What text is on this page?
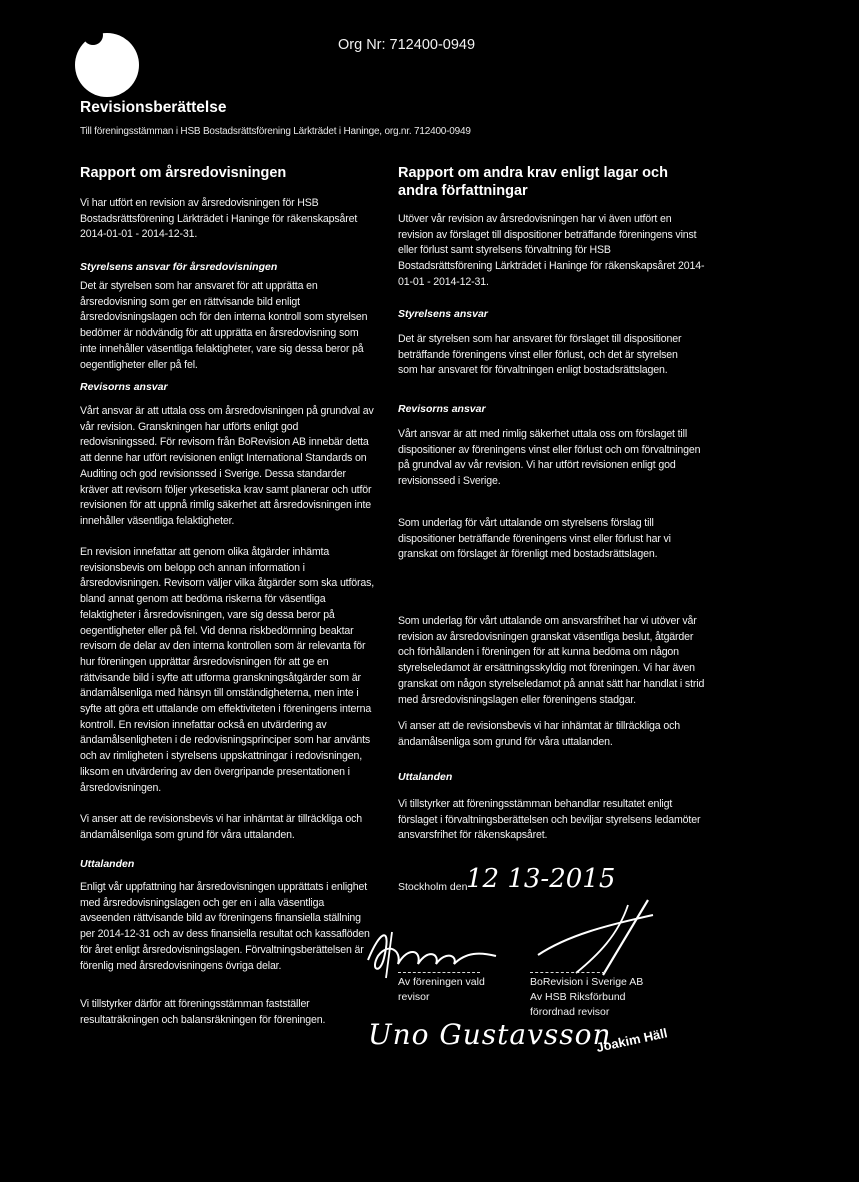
Org Nr: 712400-0949
Revisionsberättelse
Till föreningsstämman i HSB Bostadsrättsförening Lärkträdet i Haninge, org.nr. 712400-0949
Rapport om årsredovisningen
Vi har utfört en revision av årsredovisningen för HSB Bostadsrättsförening Lärkträdet i Haninge för räkenskapsåret 2014-01-01 - 2014-12-31.
Styrelsens ansvar för årsredovisningen
Det är styrelsen som har ansvaret för att upprätta en årsredovisning som ger en rättvisande bild enligt årsredovisningslagen och för den interna kontroll som styrelsen bedömer är nödvändig för att upprätta en årsredovisning som inte innehåller väsentliga felaktigheter, vare sig dessa beror på oegentligheter eller på fel.
Revisorns ansvar
Vårt ansvar är att uttala oss om årsredovisningen på grundval av vår revision. Granskningen har utförts enligt god redovisningssed. För revisorn från BoRevision AB innebär detta att denne har utfört revisionen enligt International Standards on Auditing och god revisionssed i Sverige. Dessa standarder kräver att revisorn följer yrkesetiska krav samt planerar och utför revisionen för att uppnå rimlig säkerhet att årsredovisningen inte innehåller väsentliga felaktigheter.
En revision innefattar att genom olika åtgärder inhämta revisionsbevis om belopp och annan information i årsredovisningen. Revisorn väljer vilka åtgärder som ska utföras, bland annat genom att bedöma riskerna för väsentliga felaktigheter i årsredovisningen, vare sig dessa beror på oegentligheter eller på fel. Vid denna riskbedömning beaktar revisorn de delar av den interna kontrollen som är relevanta för hur föreningen upprättar årsredovisningen för att ge en rättvisande bild i syfte att utforma granskningsåtgärder som är ändamålsenliga med hänsyn till omständigheterna, men inte i syfte att göra ett uttalande om effektiviteten i föreningens interna kontroll. En revision innefattar också en utvärdering av ändamålsenligheten i de redovisningsprinciper som har använts och av rimligheten i styrelsens uppskattningar i redovisningen, liksom en utvärdering av den övergripande presentationen i årsredovisningen.
Vi anser att de revisionsbevis vi har inhämtat är tillräckliga och ändamålsenliga som grund för våra uttalanden.
Uttalanden
Enligt vår uppfattning har årsredovisningen upprättats i enlighet med årsredovisningslagen och ger en i alla väsentliga avseenden rättvisande bild av föreningens finansiella ställning per 2014-12-31 och av dess finansiella resultat och kassaflöden för året enligt årsredovisningslagen. Förvaltningsberättelsen är förenlig med årsredovisningens övriga delar.
Vi tillstyrker därför att föreningsstämman fastställer resultaträkningen och balansräkningen för föreningen.
Rapport om andra krav enligt lagar och andra författningar
Utöver vår revision av årsredovisningen har vi även utfört en revision av förslaget till dispositioner beträffande föreningens vinst eller förlust samt styrelsens förvaltning för HSB Bostadsrättsförening Lärkträdet i Haninge för räkenskapsåret 2014-01-01 - 2014-12-31.
Styrelsens ansvar
Det är styrelsen som har ansvaret för förslaget till dispositioner beträffande föreningens vinst eller förlust, och det är styrelsen som har ansvaret för förvaltningen enligt bostadsrättslagen.
Revisorns ansvar
Vårt ansvar är att med rimlig säkerhet uttala oss om förslaget till dispositioner av föreningens vinst eller förlust och om förvaltningen på grundval av vår revision. Vi har utfört revisionen enligt god revisionssed i Sverige.
Som underlag för vårt uttalande om styrelsens förslag till dispositioner beträffande föreningens vinst eller förlust har vi granskat om förslaget är förenligt med bostadsrättslagen.
Som underlag för vårt uttalande om ansvarsfrihet har vi utöver vår revision av årsredovisningen granskat väsentliga beslut, åtgärder och förhållanden i föreningen för att kunna bedöma om någon styrelseledamot är ersättningsskyldig mot föreningen. Vi har även granskat om någon styrelseledamot på annat sätt har handlat i strid med årsredovisningslagen eller föreningens stadgar.
Vi anser att de revisionsbevis vi har inhämtat är tillräckliga och ändamålsenliga som grund för våra uttalanden.
Uttalanden
Vi tillstyrker att föreningsstämman behandlar resultatet enligt förslaget i förvaltningsberättelsen och beviljar styrelsens ledamöter ansvarsfrihet för räkenskapsåret.
Stockholm den
12 13-2015
Av föreningen vald
revisor
BoRevision i Sverige AB
Av HSB Riksförbund
förordnad revisor
Uno Gustavsson
Joakim Häll
